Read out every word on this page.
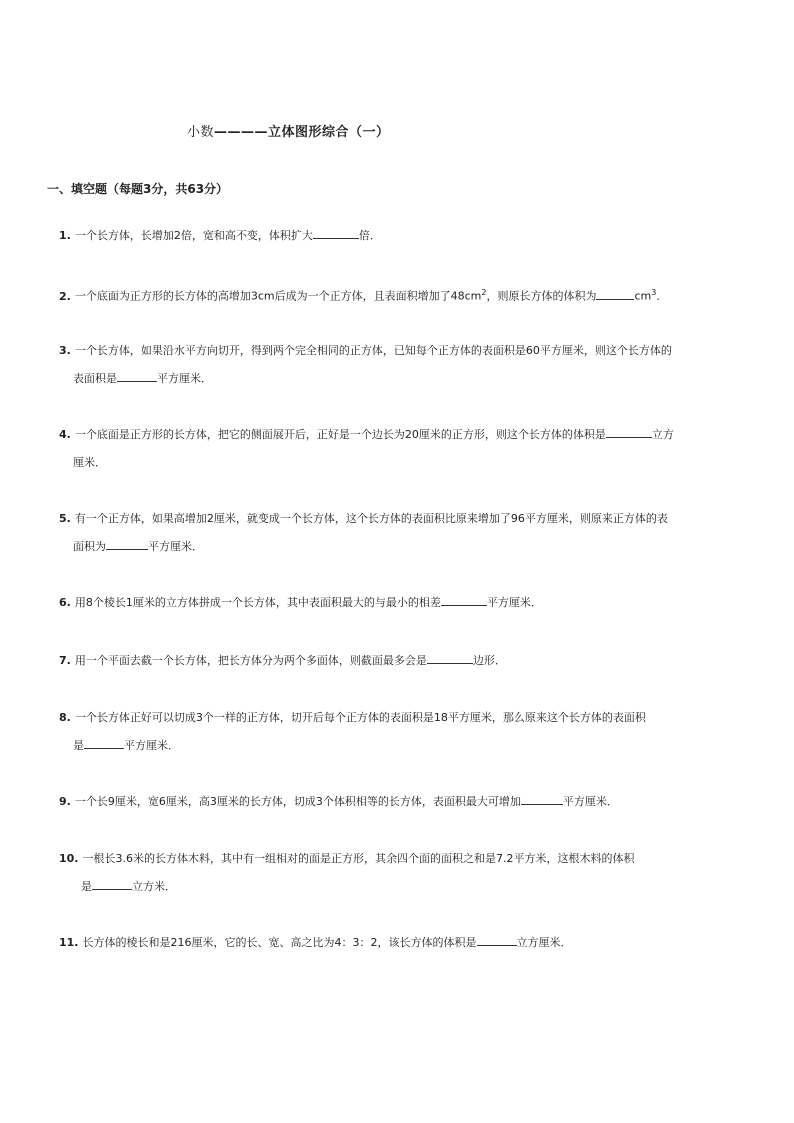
小数————立体图形综合（一）
一、填空题（每题3分，共63分）
1. 一个长方体，长增加2倍，宽和高不变，体积扩大	倍．
2. 一个底面为正方形的长方体的高增加3cm后成为一个正方体，且表面积增加了$48cm^2$，则原长方体的体积为	$cm^3$．
3. 一个长方体，如果沿水平方向切开，得到两个完全相同的正方体，已知每个正方体的表面积是60平方厘米，则这个长方体的
表面积是	平方厘米．
4. 一个底面是正方形的长方体，把它的侧面展开后，正好是一个边长为20厘米的正方形，则这个长方体的体积是	立方
厘米．
5. 有一个正方体，如果高增加2厘米，就变成一个长方体，这个长方体的表面积比原来增加了96平方厘米，则原来正方体的表
面积为	平方厘米．
6. 用8个棱长1厘米的立方体拼成一个长方体，其中表面积最大的与最小的相差	平方厘米．
7. 用一个平面去截一个长方体，把长方体分为两个多面体，则截面最多会是	边形．
8. 一个长方体正好可以切成3个一样的正方体，切开后每个正方体的表面积是18平方厘米，那么原来这个长方体的表面积
是	平方厘米．
9. 一个长9厘米，宽6厘米，高3厘米的长方体，切成3个体积相等的长方体，表面积最大可增加	平方厘米．
10. 一根长3.6米的长方体木料，其中有一组相对的面是正方形，其余四个面的面积之和是7.2平方米，这根木料的体积
是	立方米．
11. 长方体的棱长和是216厘米，它的长、宽、高之比为4：3：2，该长方体的体积是	立方厘米．
